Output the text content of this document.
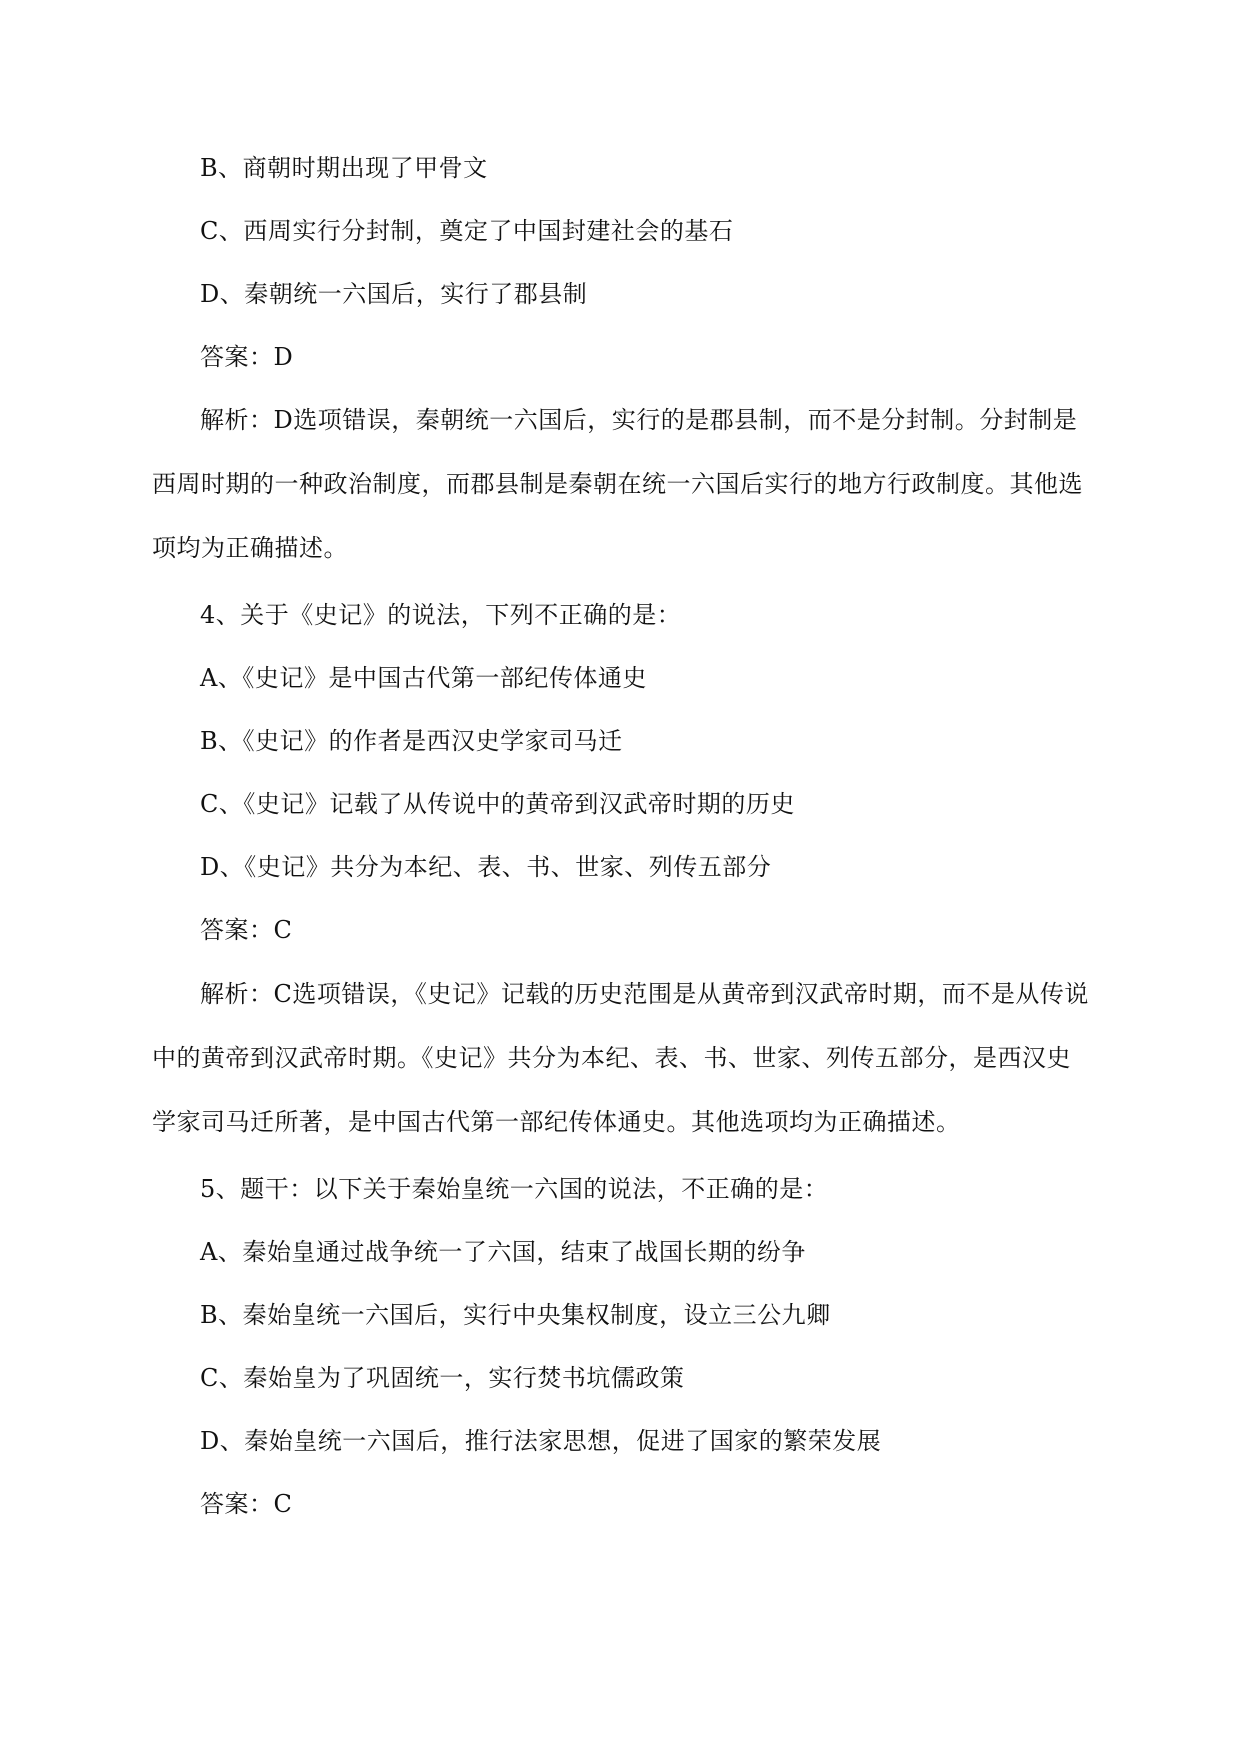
B、商朝时期出现了甲骨文
C、西周实行分封制，奠定了中国封建社会的基石
D、秦朝统一六国后，实行了郡县制
答案：D
解析：D选项错误，秦朝统一六国后，实行的是郡县制，而不是分封制。分封制是西周时期的一种政治制度，而郡县制是秦朝在统一六国后实行的地方行政制度。其他选项均为正确描述。
4、关于《史记》的说法，下列不正确的是：
A、《史记》是中国古代第一部纪传体通史
B、《史记》的作者是西汉史学家司马迁
C、《史记》记载了从传说中的黄帝到汉武帝时期的历史
D、《史记》共分为本纪、表、书、世家、列传五部分
答案：C
解析：C选项错误，《史记》记载的历史范围是从黄帝到汉武帝时期，而不是从传说中的黄帝到汉武帝时期。《史记》共分为本纪、表、书、世家、列传五部分，是西汉史学家司马迁所著，是中国古代第一部纪传体通史。其他选项均为正确描述。
5、题干：以下关于秦始皇统一六国的说法，不正确的是：
A、秦始皇通过战争统一了六国，结束了战国长期的纷争
B、秦始皇统一六国后，实行中央集权制度，设立三公九卿
C、秦始皇为了巩固统一，实行焚书坑儒政策
D、秦始皇统一六国后，推行法家思想，促进了国家的繁荣发展
答案：C
